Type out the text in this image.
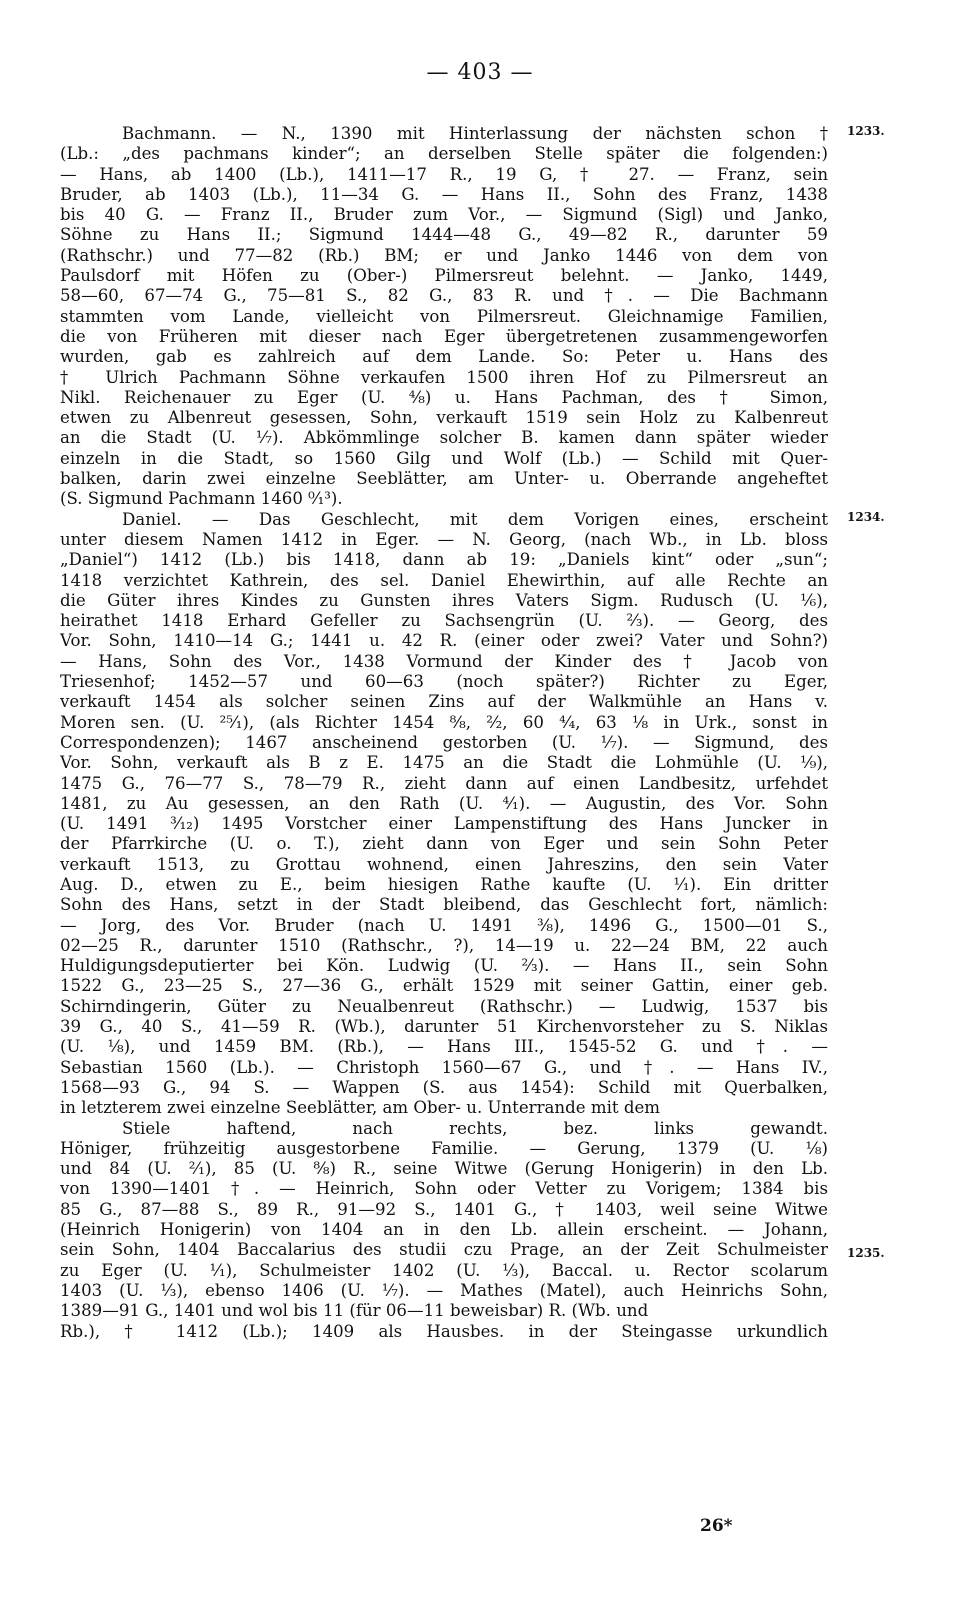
— 403 —
Bachmann. — N., 1390 mit Hinterlassung der nächsten schon †
(Lb.: „des pachmans kinder“; an derselben Stelle später die folgenden:)
— Hans, ab 1400 (Lb.), 1411—17 R., 19 G, † 27. — Franz, sein
Bruder, ab 1403 (Lb.), 11—34 G. — Hans II., Sohn des Franz, 1438
bis 40 G. — Franz II., Bruder zum Vor., — Sigmund (Sigl) und Janko,
Söhne zu Hans II.; Sigmund 1444—48 G., 49—82 R., darunter 59
(Rathschr.) und 77—82 (Rb.) BM; er und Janko 1446 von dem von
Paulsdorf mit Höfen zu (Ober-) Pilmersreut belehnt. — Janko, 1449,
58—60, 67—74 G., 75—81 S., 82 G., 83 R. und †. — Die Bachmann
stammten vom Lande, vielleicht von Pilmersreut. Gleichnamige Familien,
die von Früheren mit dieser nach Eger übergetretenen zusammengeworfen
wurden, gab es zahlreich auf dem Lande. So: Peter u. Hans des
† Ulrich Pachmann Söhne verkaufen 1500 ihren Hof zu Pilmersreut an
Nikl. Reichenauer zu Eger (U. ⁴⁄₈) u. Hans Pachman, des † Simon,
etwen zu Albenreut gesessen, Sohn, verkauft 1519 sein Holz zu Kalbenreut
an die Stadt (U. ¹⁄₇). Abkömmlinge solcher B. kamen dann später wieder
einzeln in die Stadt, so 1560 Gilg und Wolf (Lb.) — Schild mit Quer-
balken, darin zwei einzelne Seeblätter, am Unter- u. Oberrande angeheftet
(S. Sigmund Pachmann 1460 ⁰⁄₁³).
Daniel. — Das Geschlecht, mit dem Vorigen eines, erscheint
unter diesem Namen 1412 in Eger. — N. Georg, (nach Wb., in Lb. bloss
„Daniel“) 1412 (Lb.) bis 1418, dann ab 19: „Daniels kint“ oder „sun“;
1418 verzichtet Kathrein, des sel. Daniel Ehewirthin, auf alle Rechte an
die Güter ihres Kindes zu Gunsten ihres Vaters Sigm. Rudusch (U. ¹⁄₆),
heirathet 1418 Erhard Gefeller zu Sachsengrün (U. ²⁄₃). — Georg, des
Vor. Sohn, 1410—14 G.; 1441 u. 42 R. (einer oder zwei? Vater und Sohn?)
— Hans, Sohn des Vor., 1438 Vormund der Kinder des † Jacob von
Triesenhof; 1452—57 und 60—63 (noch später?) Richter zu Eger,
verkauft 1454 als solcher seinen Zins auf der Walkmühle an Hans v.
Moren sen. (U. ²⁵⁄₁), (als Richter 1454 ⁸⁄₈, ²⁄₂, 60 ⁴⁄₄, 63 ¹⁄₈ in Urk., sonst in
Correspondenzen); 1467 anscheinend gestorben (U. ¹⁄₇). — Sigmund, des
Vor. Sohn, verkauft als B z E. 1475 an die Stadt die Lohmühle (U. ¹⁄₉),
1475 G., 76—77 S., 78—79 R., zieht dann auf einen Landbesitz, urfehdet
1481, zu Au gesessen, an den Rath (U. ⁴⁄₁). — Augustin, des Vor. Sohn
(U. 1491 ³⁄₁₂) 1495 Vorstcher einer Lampenstiftung des Hans Juncker in
der Pfarrkirche (U. o. T.), zieht dann von Eger und sein Sohn Peter
verkauft 1513, zu Grottau wohnend, einen Jahreszins, den sein Vater
Aug. D., etwen zu E., beim hiesigen Rathe kaufte (U. ¹⁄₁). Ein dritter
Sohn des Hans, setzt in der Stadt bleibend, das Geschlecht fort, nämlich:
— Jorg, des Vor. Bruder (nach U. 1491 ³⁄₈), 1496 G., 1500—01 S.,
02—25 R., darunter 1510 (Rathschr., ?), 14—19 u. 22—24 BM, 22 auch
Huldigungsdeputierter bei Kön. Ludwig (U. ²⁄₃). — Hans II., sein Sohn
1522 G., 23—25 S., 27—36 G., erhält 1529 mit seiner Gattin, einer geb.
Schirndingerin, Güter zu Neualbenreut (Rathschr.) — Ludwig, 1537 bis
39 G., 40 S., 41—59 R. (Wb.), darunter 51 Kirchenvorsteher zu S. Niklas
(U. ¹⁄₈), und 1459 BM. (Rb.), — Hans III., 1545-52 G. und †. —
Sebastian 1560 (Lb.). — Christoph 1560—67 G., und †. — Hans IV.,
1568—93 G., 94 S. — Wappen (S. aus 1454): Schild mit Querbalken,
in letzterem zwei einzelne Seeblätter, am Ober- u. Unterrande mit dem
Stiele haftend, nach rechts, bez. links gewandt.
Höniger, frühzeitig ausgestorbene Familie. — Gerung, 1379 (U. ¹⁄₈)
und 84 (U. ²⁄₁), 85 (U. ⁸⁄₈) R., seine Witwe (Gerung Honigerin) in den Lb.
von 1390—1401 †. — Heinrich, Sohn oder Vetter zu Vorigem; 1384 bis
85 G., 87—88 S., 89 R., 91—92 S., 1401 G., † 1403, weil seine Witwe
(Heinrich Honigerin) von 1404 an in den Lb. allein erscheint. — Johann,
sein Sohn, 1404 Baccalarius des studii czu Prage, an der Zeit Schulmeister
zu Eger (U. ¹⁄₁), Schulmeister 1402 (U. ¹⁄₃), Baccal. u. Rector scolarum
1403 (U. ¹⁄₃), ebenso 1406 (U. ¹⁄₇). — Mathes (Matel), auch Heinrichs Sohn,
1389—91 G., 1401 und wol bis 11 (für 06—11 beweisbar) R. (Wb. und
Rb.), † 1412 (Lb.); 1409 als Hausbes. in der Steingasse urkundlich
1233.
1234.
1235.
26*
